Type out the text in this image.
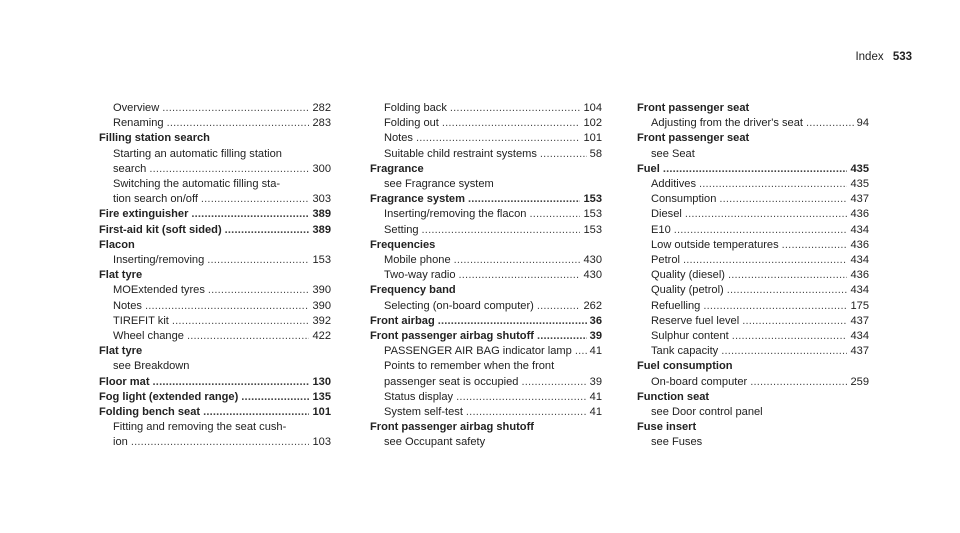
Index 533
Overview . . .	282
Renaming . . .	283
Filling station search
Starting an automatic filling station
search . . .	300
Switching the automatic filling sta-
tion search on/off . . .	303
Fire extinguisher . . .	389
First-aid kit (soft sided) . . .	389
Flacon
Inserting/removing . . .	153
Flat tyre
MOExtended tyres . . .	390
Notes . . .	390
TIREFIT kit . . .	392
Wheel change . . .	422
Flat tyre
see Breakdown
Floor mat . . .	130
Fog light (extended range) . . .	135
Folding bench seat . . .	101
Fitting and removing the seat cush-
ion . . .	103
Folding back . . .	104
Folding out . . .	102
Notes . . .	101
Suitable child restraint systems . . .	58
Fragrance
see Fragrance system
Fragrance system . . .	153
Inserting/removing the flacon . . .	153
Setting . . .	153
Frequencies
Mobile phone . . .	430
Two-way radio . . .	430
Frequency band
Selecting (on-board computer) . . .	262
Front airbag . . .	36
Front passenger airbag shutoff . . .	39
PASSENGER AIR BAG indicator lamp . . . 41
Points to remember when the front
passenger seat is occupied . . .	39
Status display . . .	41
System self-test . . .	41
Front passenger airbag shutoff
see Occupant safety
Front passenger seat
Adjusting from the driver's seat . . .	94
Front passenger seat
see Seat
Fuel . . .	435
Additives . . .	435
Consumption . . .	437
Diesel . . .	436
E10 . . .	434
Low outside temperatures . . .	436
Petrol . . .	434
Quality (diesel) . . .	436
Quality (petrol) . . .	434
Refuelling . . .	175
Reserve fuel level . . .	437
Sulphur content . . .	434
Tank capacity . . .	437
Fuel consumption
On-board computer . . .	259
Function seat
see Door control panel
Fuse insert
see Fuses
